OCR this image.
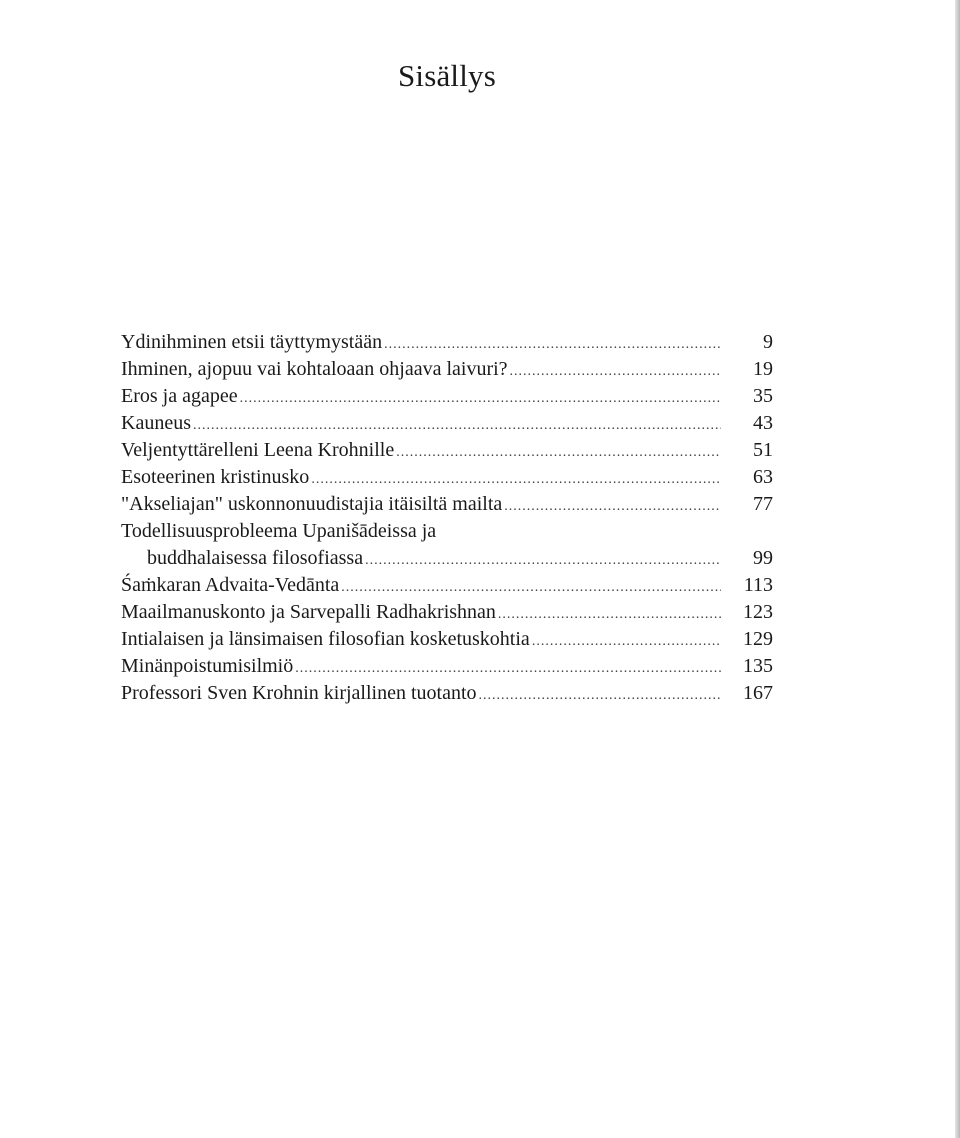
Sisällys
Ydinihminen etsii täyttymystään .....	9
Ihminen, ajopuu vai kohtaloaan ohjaava laivuri? .....	19
Eros ja agapee .....	35
Kauneus .....	43
Veljentyttärelleni Leena Krohnille .....	51
Esoteerinen kristinusko .....	63
"Akseliajan" uskonnonuudistajia itäisiltä mailta .....	77
Todellisuusprobleema Upanišādeissa ja
buddhalaisessa filosofiassa .....	99
Śaṁkaran Advaita-Vedānta .....	113
Maailmanuskonto ja Sarvepalli Radhakrishnan .....	123
Intialaisen ja länsimaisen filosofian kosketuskohtia .....	129
Minänpoistumisilmiö .....	135
Professori Sven Krohnin kirjallinen tuotanto .....	167
